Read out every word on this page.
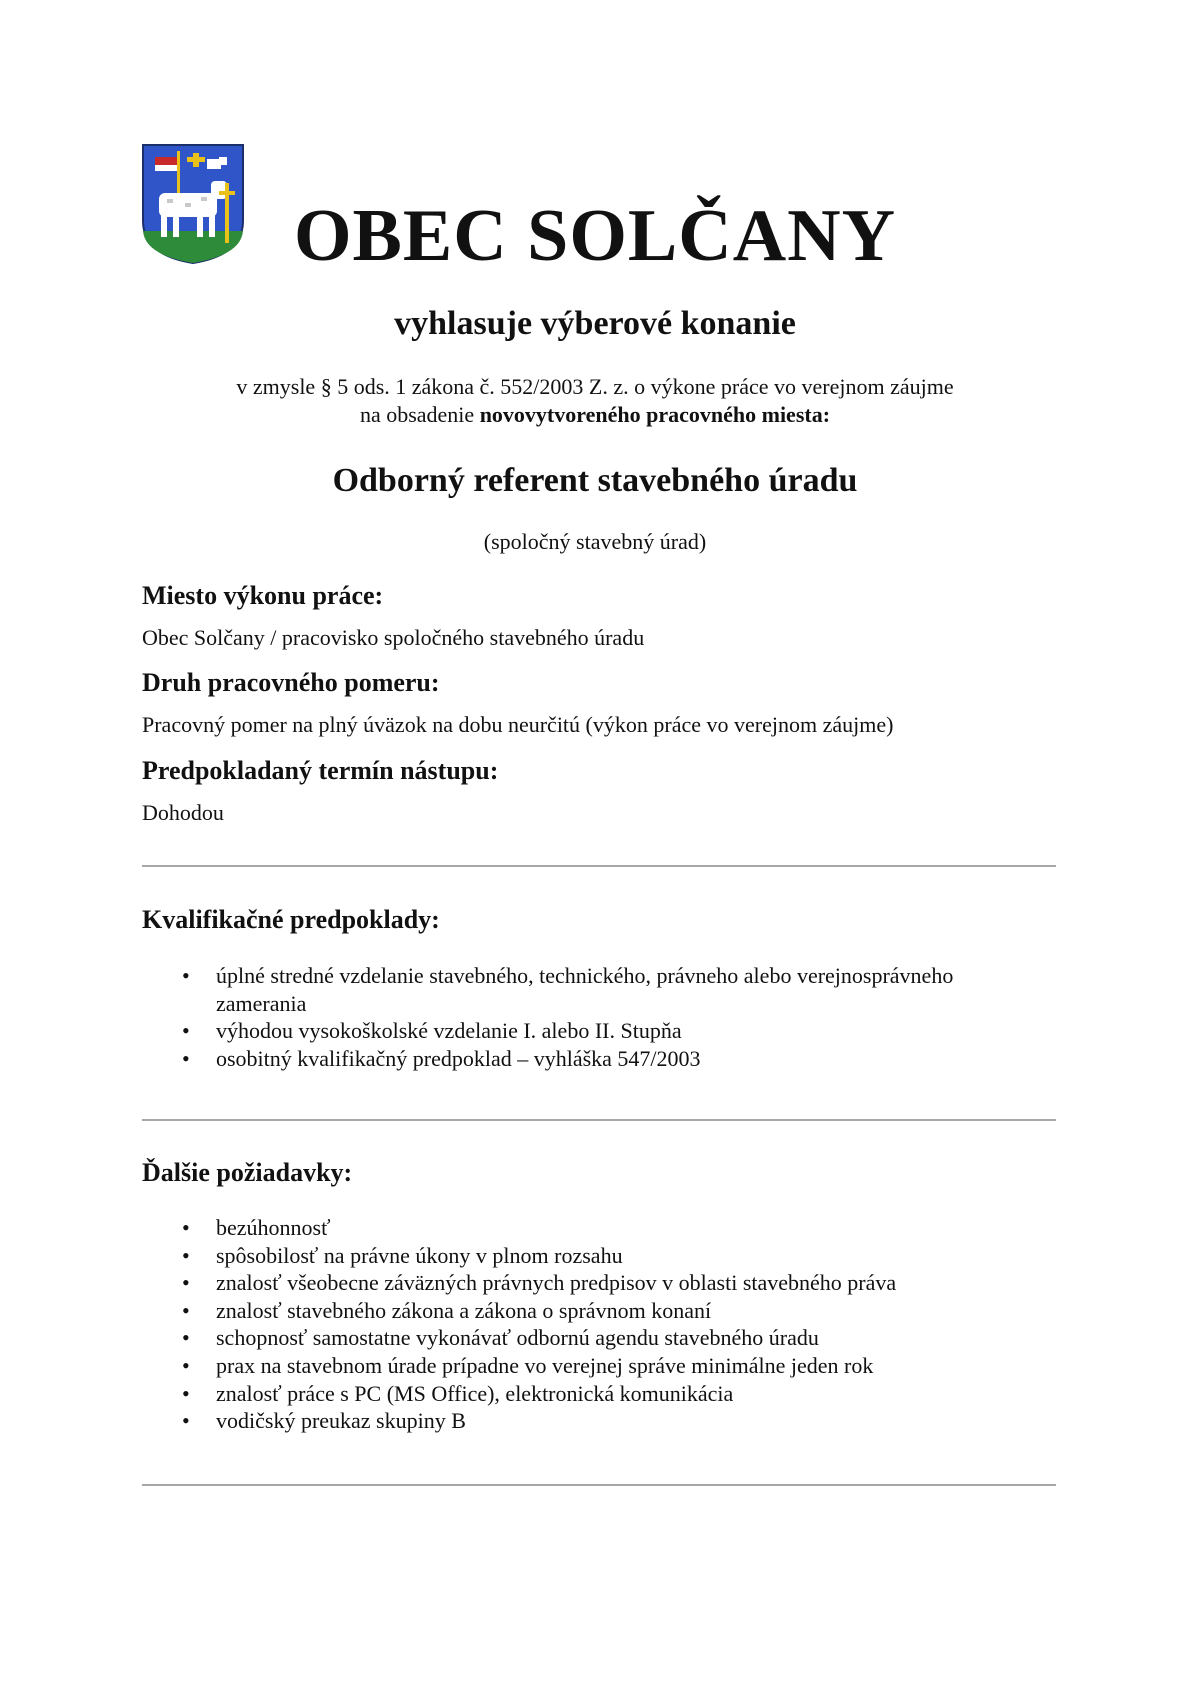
OBEC SOLČANY
vyhlasuje výberové konanie
v zmysle § 5 ods. 1 zákona č. 552/2003 Z. z. o výkone práce vo verejnom záujme
na obsadenie novovytvoreného pracovného miesta:
Odborný referent stavebného úradu
(spoločný stavebný úrad)
Miesto výkonu práce:
Obec Solčany / pracovisko spoločného stavebného úradu
Druh pracovného pomeru:
Pracovný pomer na plný úväzok na dobu neurčitú (výkon práce vo verejnom záujme)
Predpokladaný termín nástupu:
Dohodou
Kvalifikačné predpoklady:
• úplné stredné vzdelanie stavebného, technického, právneho alebo verejnosprávneho zamerania
• výhodou vysokoškolské vzdelanie I. alebo II. Stupňa
• osobitný kvalifikačný predpoklad – vyhláška 547/2003
Ďalšie požiadavky:
• bezúhonnosť
• spôsobilosť na právne úkony v plnom rozsahu
• znalosť všeobecne záväzných právnych predpisov v oblasti stavebného práva
• znalosť stavebného zákona a zákona o správnom konaní
• schopnosť samostatne vykonávať odbornú agendu stavebného úradu
• prax na stavebnom úrade prípadne vo verejnej správe minimálne jeden rok
• znalosť práce s PC (MS Office), elektronická komunikácia
• vodičský preukaz skupiny B
